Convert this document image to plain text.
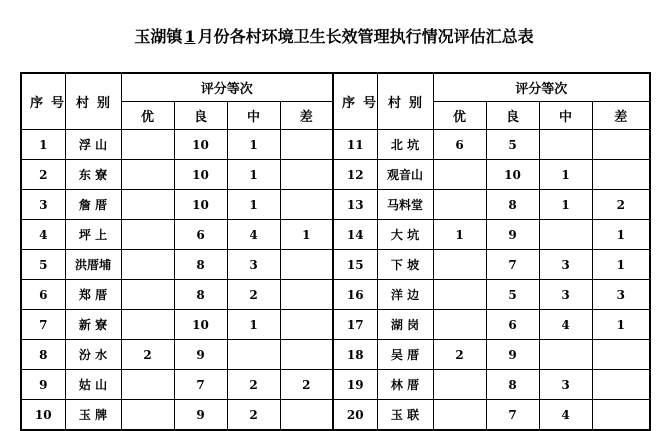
玉湖镇 1 月份各村环境卫生长效管理执行情况评估汇总表
序号	村别	评分等次				序号	村别	评分等次			
		优	良	中	差			优	良	中	差
1	浮 山		10	1		11	北 坑	6	5		
2	东 寮		10	1		12	观音山		10	1	
3	詹 厝		10	1		13	马料堂		8	1	2
4	坪 上		6	4	1	14	大 坑	1	9		1
5	洪厝埔		8	3		15	下 坡		7	3	1
6	郑 厝		8	2		16	洋 边		5	3	3
7	新 寮		10	1		17	湖 岗		6	4	1
8	汾 水	2	9			18	吴 厝	2	9		
9	姑 山		7	2	2	19	林 厝		8	3	
10	玉 牌		9	2		20	玉 联		7	4	
